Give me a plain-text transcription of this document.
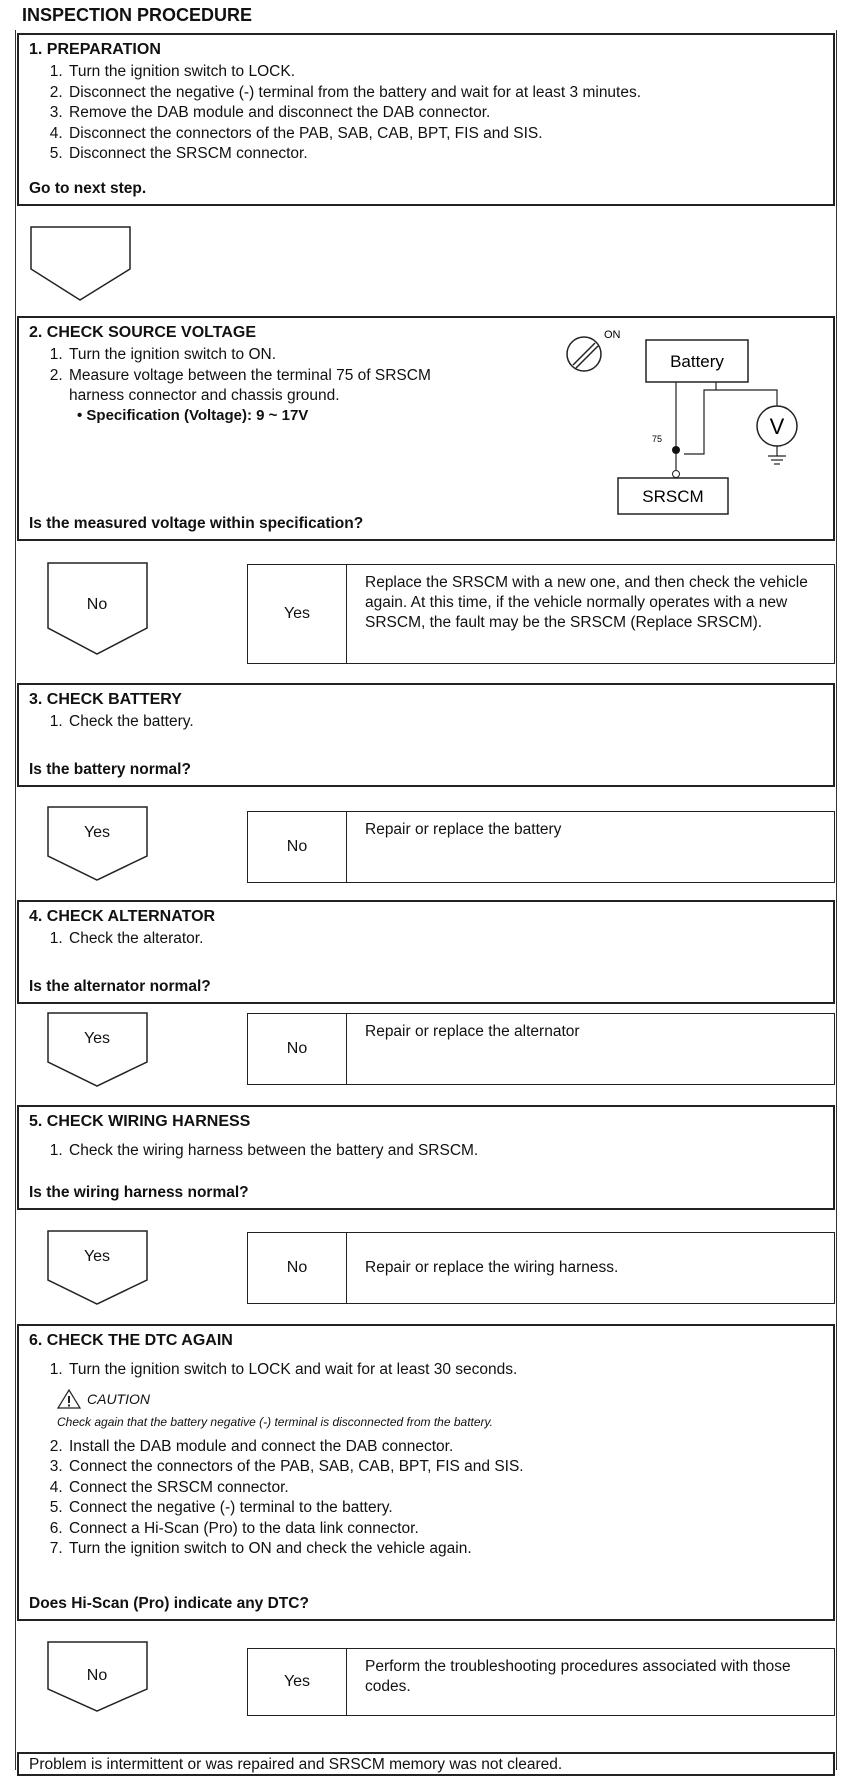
INSPECTION PROCEDURE
1. PREPARATION
1. Turn the ignition switch to LOCK.
2. Disconnect the negative (-) terminal from the battery and wait for at least 3 minutes.
3. Remove the DAB module and disconnect the DAB connector.
4. Disconnect the connectors of the PAB, SAB, CAB, BPT, FIS and SIS.
5. Disconnect the SRSCM connector.
Go to next step.
2. CHECK SOURCE VOLTAGE
1. Turn the ignition switch to ON.
2. Measure voltage between the terminal 75 of SRSCM harness connector and chassis ground.
• Specification (Voltage): 9 ~ 17V
ON
Battery
V
75
SRSCM
Is the measured voltage within specification?
No
Yes
Replace the SRSCM with a new one, and then check the vehicle again. At this time, if the vehicle normally operates with a new SRSCM, the fault may be the SRSCM (Replace SRSCM).
3. CHECK BATTERY
1. Check the battery.
Is the battery normal?
Yes
No
Repair or replace the battery
4. CHECK ALTERNATOR
1. Check the alterator.
Is the alternator normal?
Yes
No
Repair or replace the alternator
5. CHECK WIRING HARNESS
1. Check the wiring harness between the battery and SRSCM.
Is the wiring harness normal?
Yes
No	Repair or replace the wiring harness.
6. CHECK THE DTC AGAIN
1. Turn the ignition switch to LOCK and wait for at least 30 seconds.
CAUTION
Check again that the battery negative (-) terminal is disconnected from the battery.
2. Install the DAB module and connect the DAB connector.
3. Connect the connectors of the PAB, SAB, CAB, BPT, FIS and SIS.
4. Connect the SRSCM connector.
5. Connect the negative (-) terminal to the battery.
6. Connect a Hi-Scan (Pro) to the data link connector.
7. Turn the ignition switch to ON and check the vehicle again.
Does Hi-Scan (Pro) indicate any DTC?
No	Yes
Perform the troubleshooting procedures associated with those codes.
Problem is intermittent or was repaired and SRSCM memory was not cleared.
